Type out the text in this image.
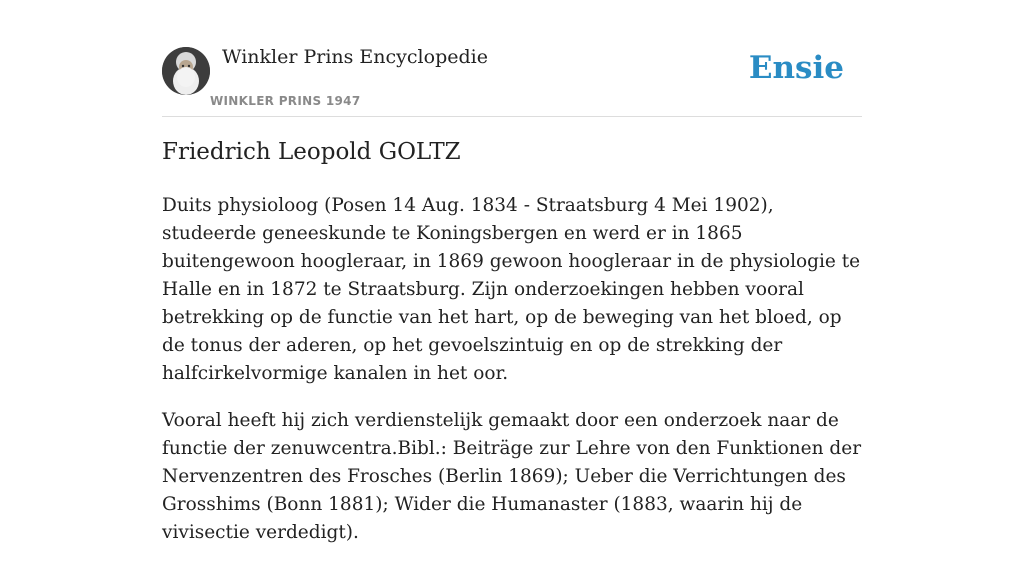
Winkler Prins Encyclopedie
WINKLER PRINS 1947
Ensie
Friedrich Leopold GOLTZ

Duits physioloog (Posen 14 Aug. 1834 - Straatsburg 4 Mei 1902), studeerde geneeskunde te Koningsbergen en werd er in 1865 buitengewoon hoogleraar, in 1869 gewoon hoogleraar in de physiologie te Halle en in 1872 te Straatsburg. Zijn onderzoekingen hebben vooral betrekking op de functie van het hart, op de beweging van het bloed, op de tonus der aderen, op het gevoelszintuig en op de strekking der halfcirkelvormige kanalen in het oor.

Vooral heeft hij zich verdienstelijk gemaakt door een onderzoek naar de functie der zenuwcentra.Bibl.: Beiträge zur Lehre von den Funktionen der Nervenzentren des Frosches (Berlin 1869); Ueber die Verrichtungen des Grosshims (Bonn 1881); Wider die Humanaster (1883, waarin hij de vivisectie verdedigt).
